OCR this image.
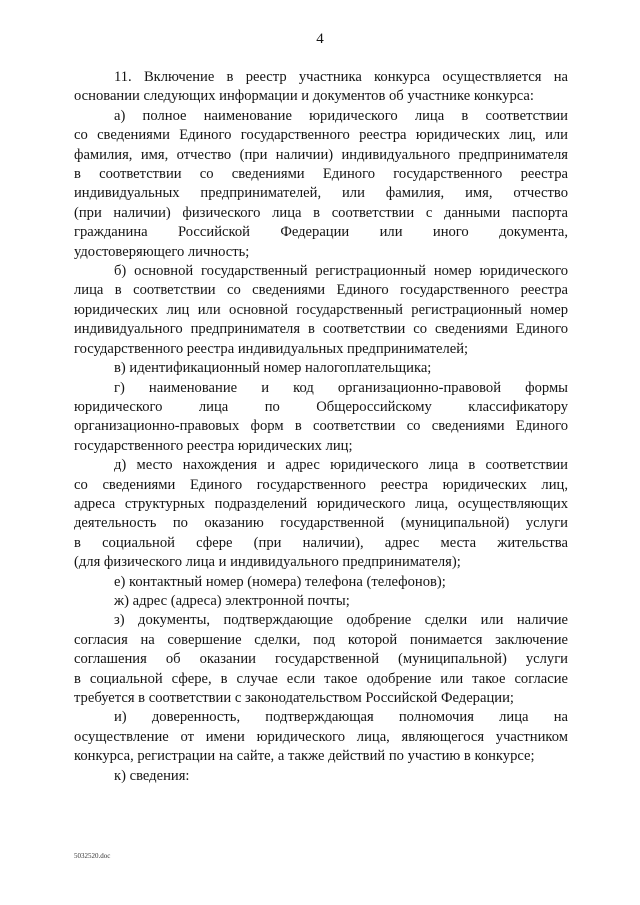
4
11. Включение в реестр участника конкурса осуществляется на
основании следующих информации и документов об участнике конкурса:
а) полное наименование юридического лица в соответствии
со сведениями Единого государственного реестра юридических лиц, или
фамилия, имя, отчество (при наличии) индивидуального предпринимателя
в соответствии со сведениями Единого государственного реестра
индивидуальных предпринимателей, или фамилия, имя, отчество
(при наличии) физического лица в соответствии с данными паспорта
гражданина Российской Федерации или иного документа,
удостоверяющего личность;
б) основной государственный регистрационный номер юридического
лица в соответствии со сведениями Единого государственного реестра
юридических лиц или основной государственный регистрационный номер
индивидуального предпринимателя в соответствии со сведениями Единого
государственного реестра индивидуальных предпринимателей;
в) идентификационный номер налогоплательщика;
г) наименование и код организационно-правовой формы
юридического лица по Общероссийскому классификатору
организационно-правовых форм в соответствии со сведениями Единого
государственного реестра юридических лиц;
д) место нахождения и адрес юридического лица в соответствии
со сведениями Единого государственного реестра юридических лиц,
адреса структурных подразделений юридического лица, осуществляющих
деятельность по оказанию государственной (муниципальной) услуги
в социальной сфере (при наличии), адрес места жительства
(для физического лица и индивидуального предпринимателя);
е) контактный номер (номера) телефона (телефонов);
ж) адрес (адреса) электронной почты;
з) документы, подтверждающие одобрение сделки или наличие
согласия на совершение сделки, под которой понимается заключение
соглашения об оказании государственной (муниципальной) услуги
в социальной сфере, в случае если такое одобрение или такое согласие
требуется в соответствии с законодательством Российской Федерации;
и) доверенность, подтверждающая полномочия лица на
осуществление от имени юридического лица, являющегося участником
конкурса, регистрации на сайте, а также действий по участию в конкурсе;
к) сведения:
5032520.doc
